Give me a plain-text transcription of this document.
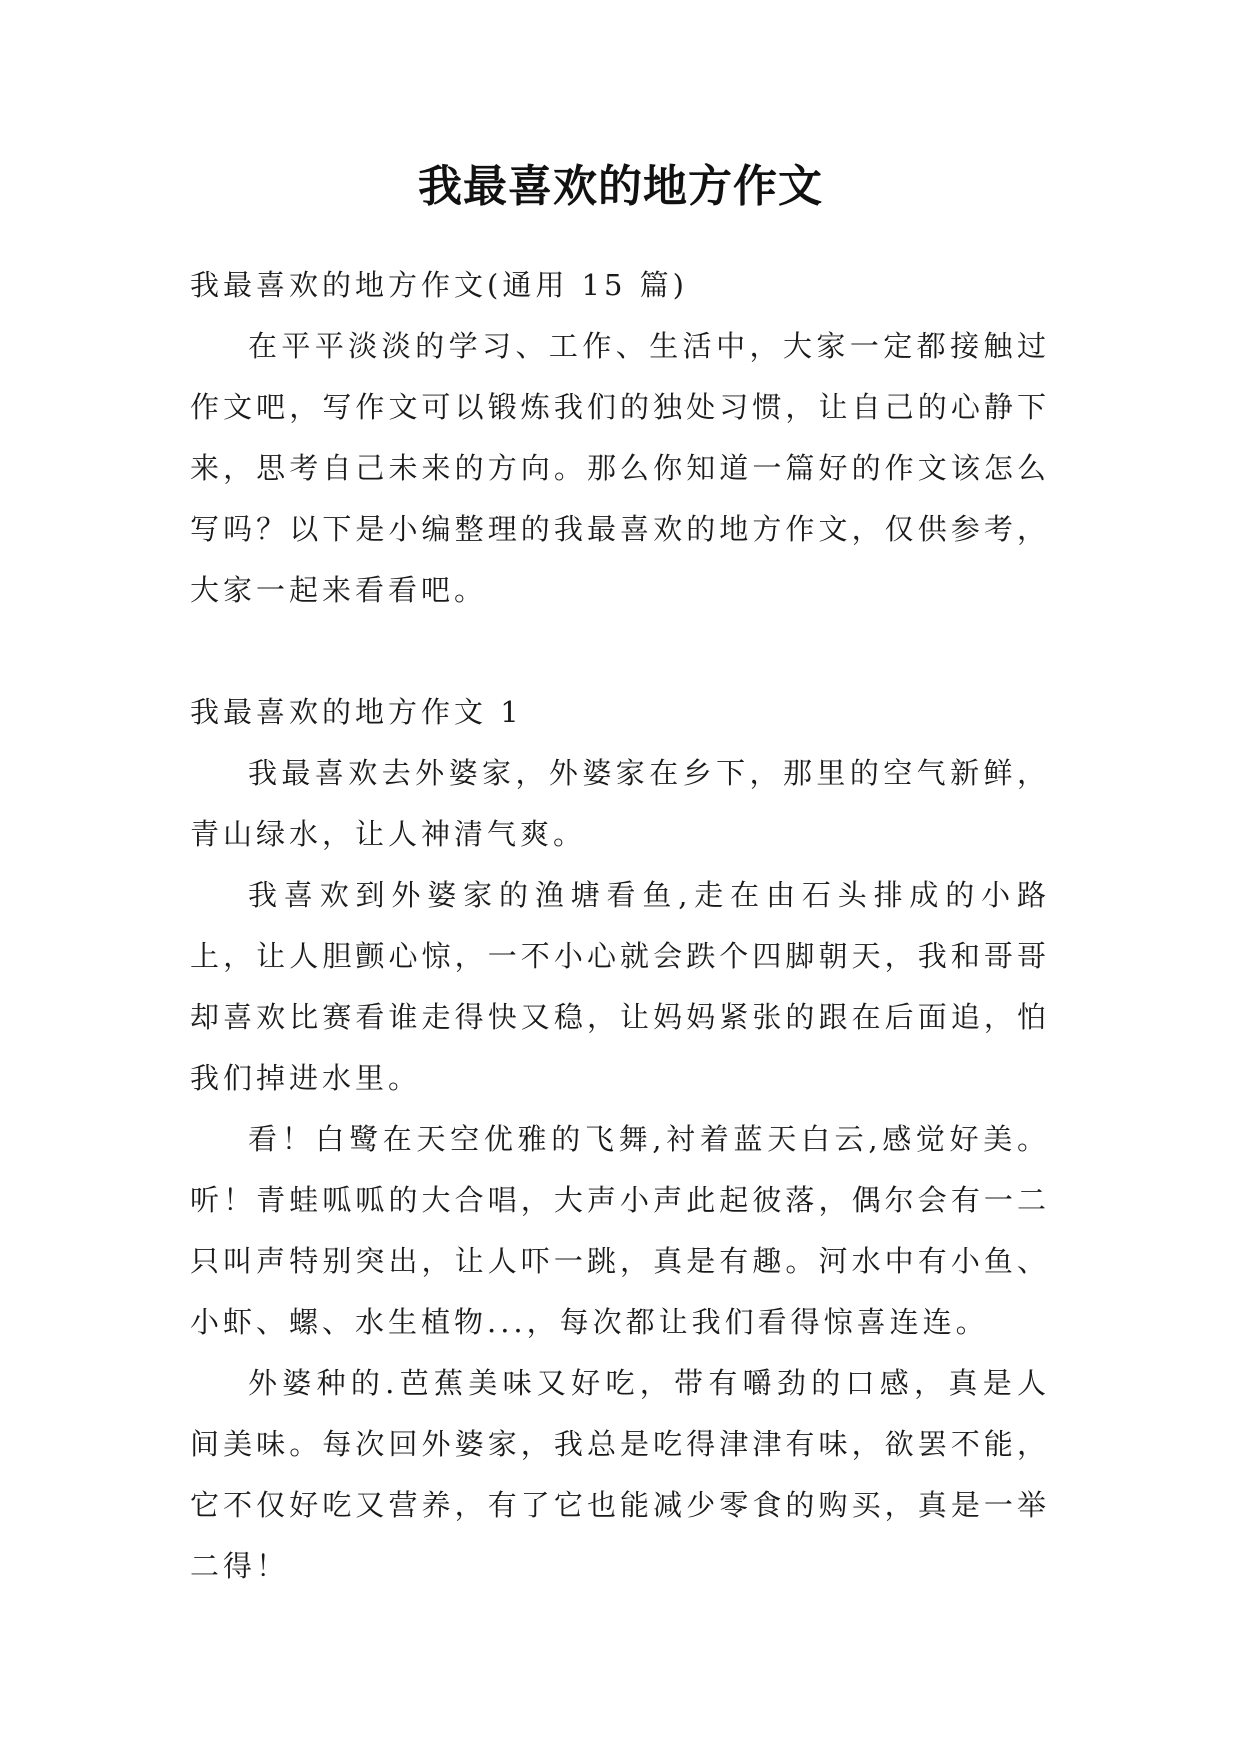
我最喜欢的地方作文

我最喜欢的地方作文(通用 15 篇)

在平平淡淡的学习、工作、生活中，大家一定都接触过作文吧，写作文可以锻炼我们的独处习惯，让自己的心静下来，思考自己未来的方向。那么你知道一篇好的作文该怎么写吗？以下是小编整理的我最喜欢的地方作文，仅供参考，大家一起来看看吧。

我最喜欢的地方作文 1

我最喜欢去外婆家，外婆家在乡下，那里的空气新鲜，青山绿水，让人神清气爽。

我喜欢到外婆家的渔塘看鱼,走在由石头排成的小路上，让人胆颤心惊，一不小心就会跌个四脚朝天，我和哥哥却喜欢比赛看谁走得快又稳，让妈妈紧张的跟在后面追，怕我们掉进水里。

看！白鹭在天空优雅的飞舞,衬着蓝天白云,感觉好美。听！青蛙呱呱的大合唱，大声小声此起彼落，偶尔会有一二只叫声特别突出，让人吓一跳，真是有趣。河水中有小鱼、小虾、螺、水生植物...，每次都让我们看得惊喜连连。

外婆种的.芭蕉美味又好吃，带有嚼劲的口感，真是人间美味。每次回外婆家，我总是吃得津津有味，欲罢不能，它不仅好吃又营养，有了它也能减少零食的购买，真是一举二得！
